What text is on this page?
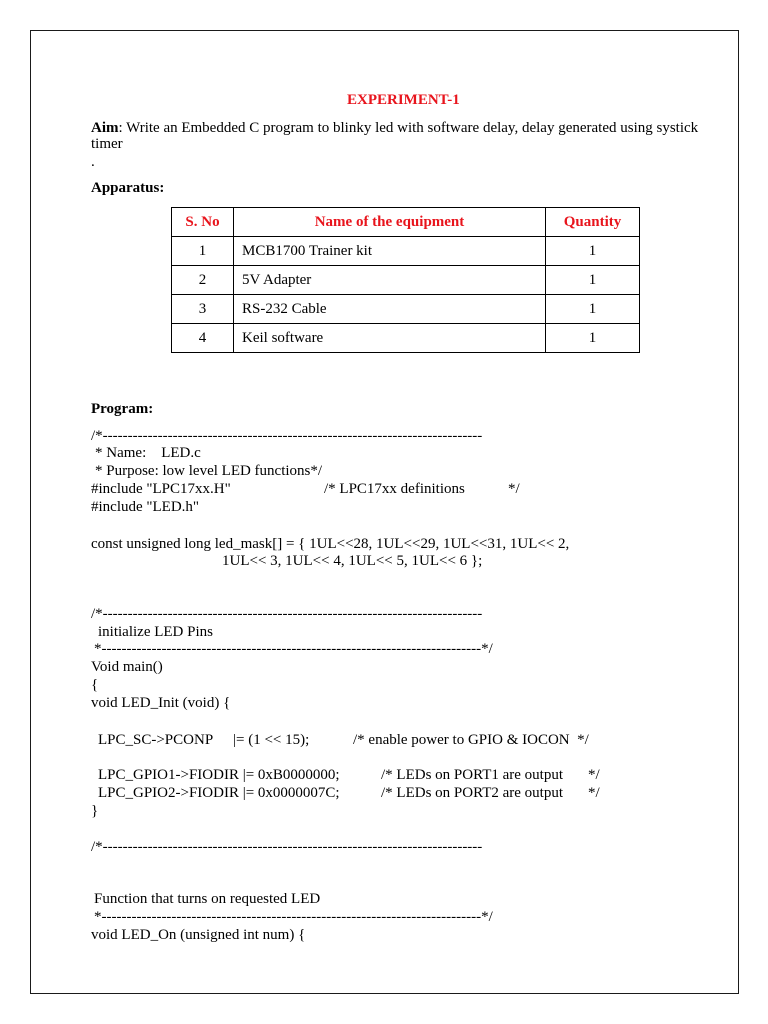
EXPERIMENT-1
Aim: Write an Embedded C program to blinky led with software delay, delay generated using systick
timer
.
Apparatus:
S. No	Name of the equipment	Quantity
1	MCB1700 Trainer kit	1
2	5V Adapter	1
3	RS-232 Cable	1
4	Keil software	1
Program:
/*----------------------------------------------------------------------------
* Name:    LED.c
* Purpose: low level LED functions*/
#include "LPC17xx.H"	/* LPC17xx definitions	*/
#include "LED.h"
const unsigned long led_mask[] = { 1UL<<28, 1UL<<29, 1UL<<31, 1UL<< 2,
1UL<< 3, 1UL<< 4, 1UL<< 5, 1UL<< 6 };
/*----------------------------------------------------------------------------
initialize LED Pins
*----------------------------------------------------------------------------*/
Void main()
{
void LED_Init (void) {
LPC_SC->PCONP |= (1 << 15);	/* enable power to GPIO & IOCON  */
LPC_GPIO1->FIODIR |= 0xB0000000;	/* LEDs on PORT1 are output */
LPC_GPIO2->FIODIR |= 0x0000007C;	/* LEDs on PORT2 are output */
}
/*----------------------------------------------------------------------------
Function that turns on requested LED
*----------------------------------------------------------------------------*/
void LED_On (unsigned int num) {
